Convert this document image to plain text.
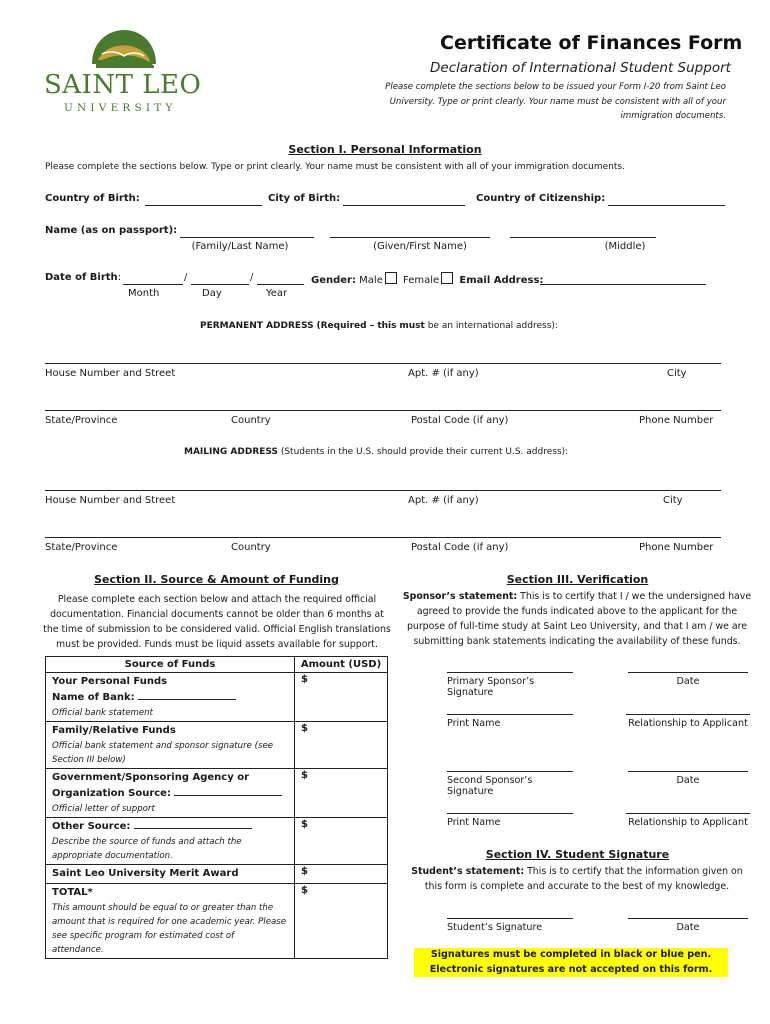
SAINT LEO
UNIVERSITY
Certificate of Finances Form
Declaration of International Student Support
Please complete the sections below to be issued your Form I-20 from Saint Leo University. Type or print clearly. Your name must be consistent with all of your immigration documents.
Section I. Personal Information
Please complete the sections below. Type or print clearly. Your name must be consistent with all of your immigration documents.
Country of Birth:	City of Birth:	Country of Citizenship:
Name (as on passport):
(Family/Last Name)	(Given/First Name)	(Middle)
Date of Birth:	/	/
Month	Day	Year
Gender: Male Female Email Address:
PERMANENT ADDRESS (Required – this must be an international address):
House Number and Street	Apt. # (if any)	City
State/Province	Country	Postal Code (if any)	Phone Number
MAILING ADDRESS (Students in the U.S. should provide their current U.S. address):
House Number and Street	Apt. # (if any)	City
State/Province	Country	Postal Code (if any)	Phone Number
Section II. Source & Amount of Funding
Please complete each section below and attach the required official documentation. Financial documents cannot be older than 6 months at the time of submission to be considered valid. Official English translations must be provided. Funds must be liquid assets available for support.
Source of Funds	Amount (USD)

Your Personal Funds
Name of Bank:
Official bank statement	$

Family/Relative Funds
Official bank statement and sponsor signature (see Section III below)	$

Government/Sponsoring Agency or
Organization Source:
Official letter of support	$

Other Source:
Describe the source of funds and attach the appropriate documentation.	$

Saint Leo University Merit Award	$

TOTAL*
This amount should be equal to or greater than the amount that is required for one academic year. Please see specific program for estimated cost of attendance.	$
Section III. Verification
Sponsor’s statement: This is to certify that I / we the undersigned have agreed to provide the funds indicated above to the applicant for the purpose of full-time study at Saint Leo University, and that I am / we are submitting bank statements indicating the availability of these funds.
Primary Sponsor’s Signature
Date
Print Name	Relationship to Applicant
Second Sponsor’s Signature
Date
Print Name	Relationship to Applicant
Section IV. Student Signature
Student’s statement: This is to certify that the information given on this form is complete and accurate to the best of my knowledge.
Student’s Signature	Date
Signatures must be completed in black or blue pen. Electronic signatures are not accepted on this form.
